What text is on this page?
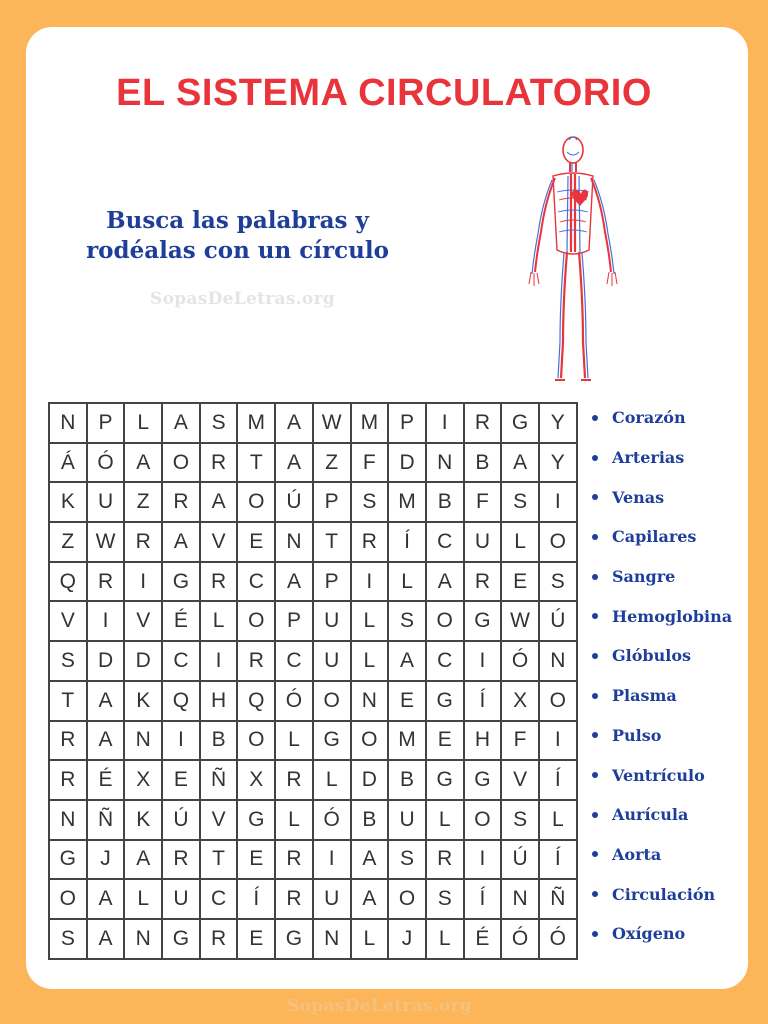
EL SISTEMA CIRCULATORIO
Busca las palabras y
rodéalas con un círculo
SopasDeLetras.org
SopasDeLetras.org
N	P	L	A	S	M	A W M	P	I	R	G	Y
Á	Ó	A	O	R	T	A	Z	F	D	N	B	A	Y
K	U	Z	R	A	O	Ú	P	S	M	B	F	S	I
Z	W R	A	V	E	N	T	R	Í	C	U	L	O
Q	R	I	G	R	C	A	P	I	L	A	R	E	S
V	I	V	É	L	O	P	U	L	S	O	G W Ú
S	D	D	C	I	R	C	U	L	A	C	I	Ó	N
T	A	K	Q	H	Q	Ó	O	N	E	G	Í	X	O
R	A	N	I	B	O	L	G	O M	E	H	F	I
R	É	X	E	Ñ	X	R	L	D	B	G	G	V	Í
N	Ñ	K	Ú	V	G	L	Ó	B	U	L	O	S	L
G	J	A	R	T	E	R	I	A	S	R	I	Ú	Í
O	A	L	U	C	Í	R	U	A	O	S	Í	N	Ñ
S	A	N	G	R	E	G	N	L	J	L	É	Ó	Ó
Corazón
Arterias
Venas
Capilares
Sangre
Hemoglobina
Glóbulos
Plasma
Pulso
Ventrículo
Aurícula
Aorta
Circulación
Oxígeno
